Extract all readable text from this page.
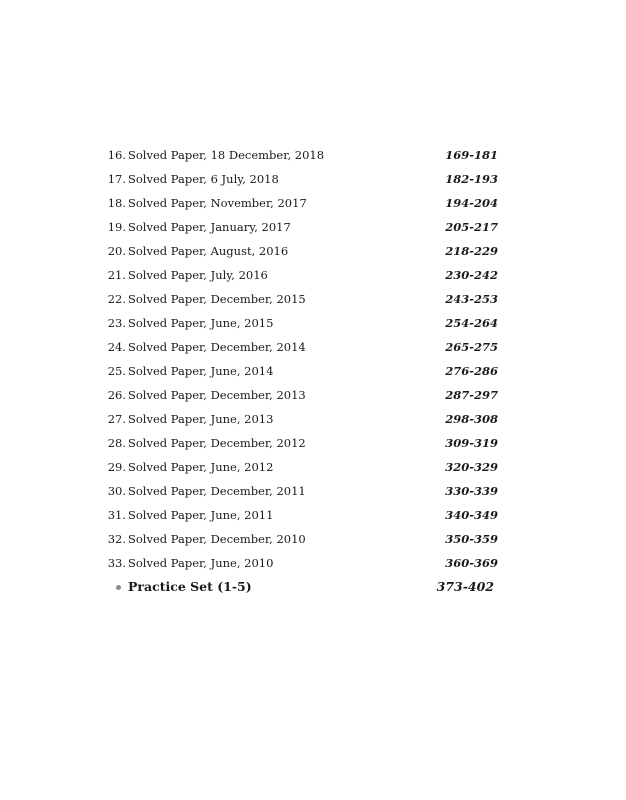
16. Solved Paper, 18 December, 2018	169-181
17. Solved Paper, 6 July, 2018	182-193
18. Solved Paper, November, 2017	194-204
19. Solved Paper, January, 2017	205-217
20. Solved Paper, August, 2016	218-229
21. Solved Paper, July, 2016	230-242
22. Solved Paper, December, 2015	243-253
23. Solved Paper, June, 2015	254-264
24. Solved Paper, December, 2014	265-275
25. Solved Paper, June, 2014	276-286
26. Solved Paper, December, 2013	287-297
27. Solved Paper, June, 2013	298-308
28. Solved Paper, December, 2012	309-319
29. Solved Paper, June, 2012	320-329
30. Solved Paper, December, 2011	330-339
31. Solved Paper, June, 2011	340-349
32. Solved Paper, December, 2010	350-359
33. Solved Paper, June, 2010	360-369
Practice Set (1-5)	373-402
